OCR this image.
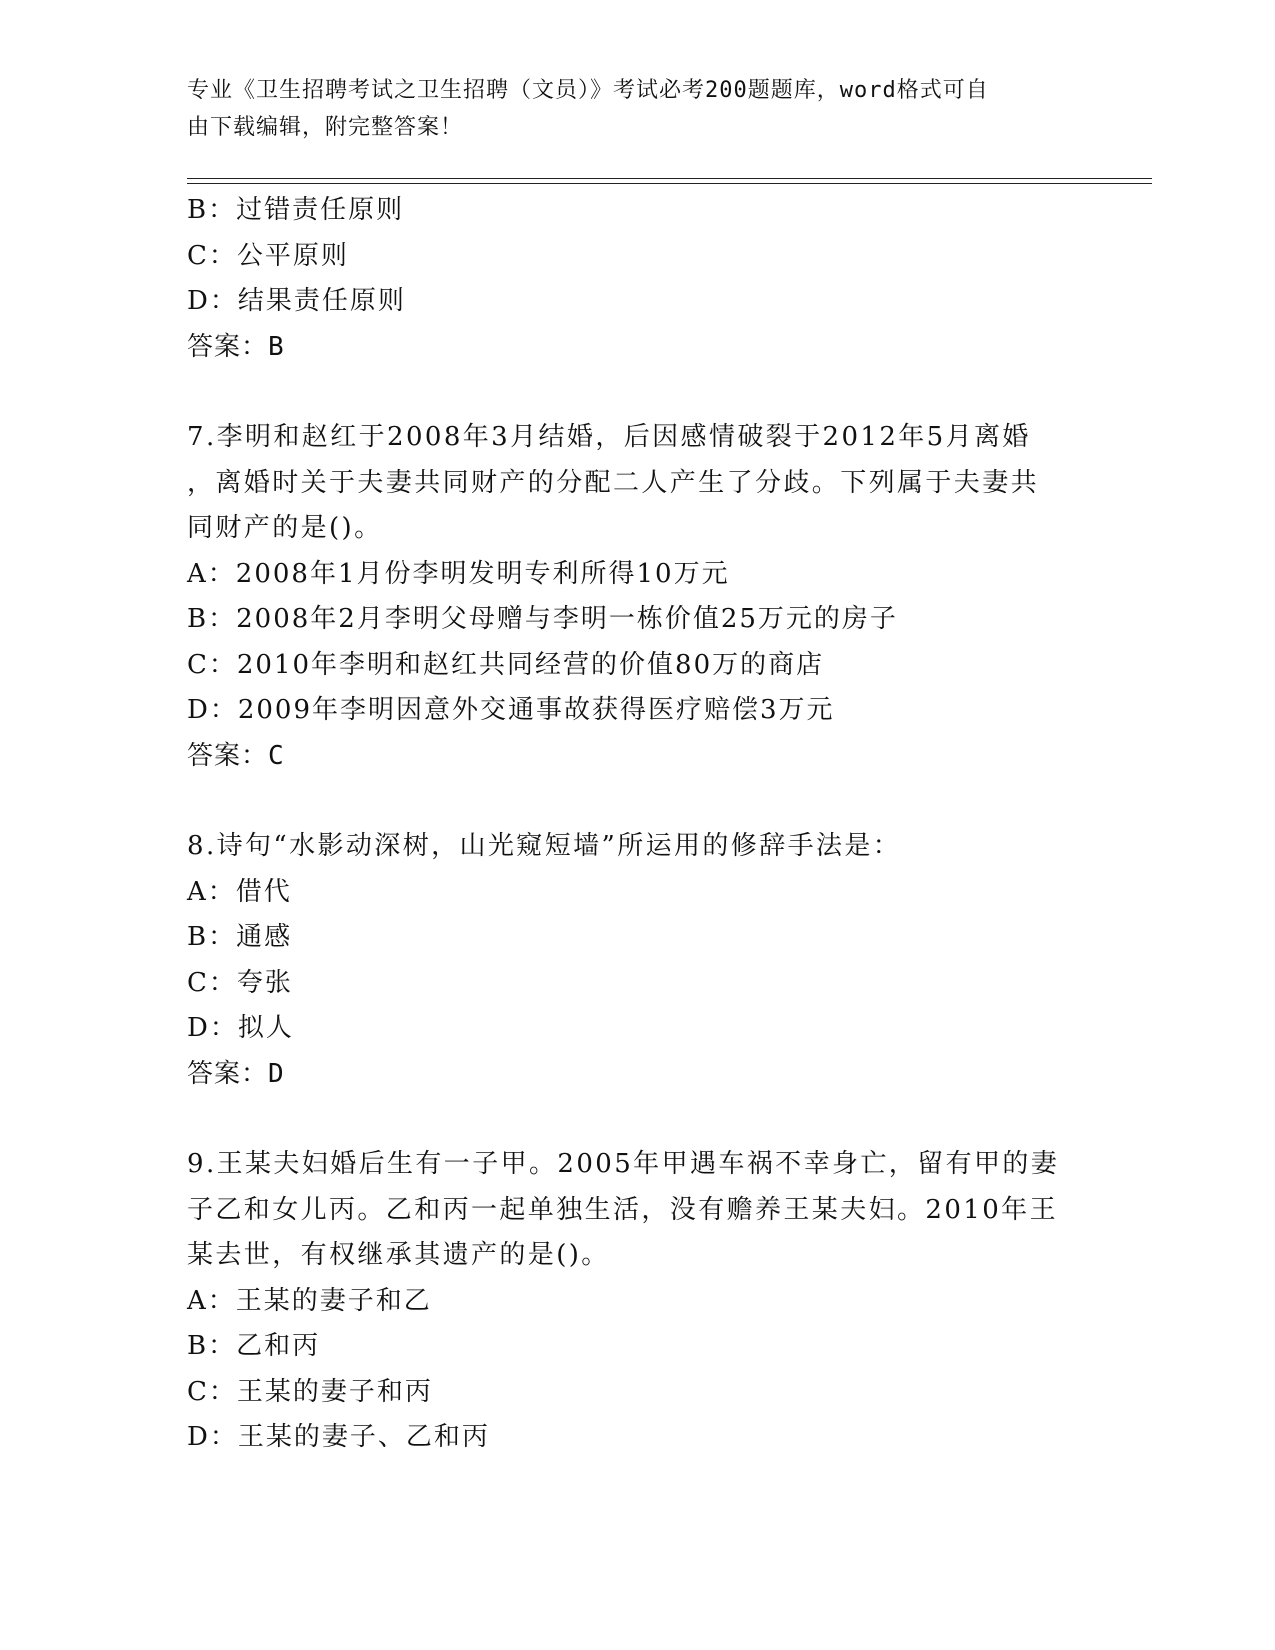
专业《卫生招聘考试之卫生招聘（文员）》考试必考200题题库，word格式可自
由下载编辑，附完整答案！
B：过错责任原则
C：公平原则
D：结果责任原则
答案：B
7.李明和赵红于2008年3月结婚，后因感情破裂于2012年5月离婚
，离婚时关于夫妻共同财产的分配二人产生了分歧。下列属于夫妻共
同财产的是()。
A：2008年1月份李明发明专利所得10万元
B：2008年2月李明父母赠与李明一栋价值25万元的房子
C：2010年李明和赵红共同经营的价值80万的商店
D：2009年李明因意外交通事故获得医疗赔偿3万元
答案：C
8.诗句“水影动深树，山光窥短墙”所运用的修辞手法是：
A：借代
B：通感
C：夸张
D：拟人
答案：D
9.王某夫妇婚后生有一子甲。2005年甲遇车祸不幸身亡，留有甲的妻
子乙和女儿丙。乙和丙一起单独生活，没有赡养王某夫妇。2010年王
某去世，有权继承其遗产的是()。
A：王某的妻子和乙
B：乙和丙
C：王某的妻子和丙
D：王某的妻子、乙和丙
